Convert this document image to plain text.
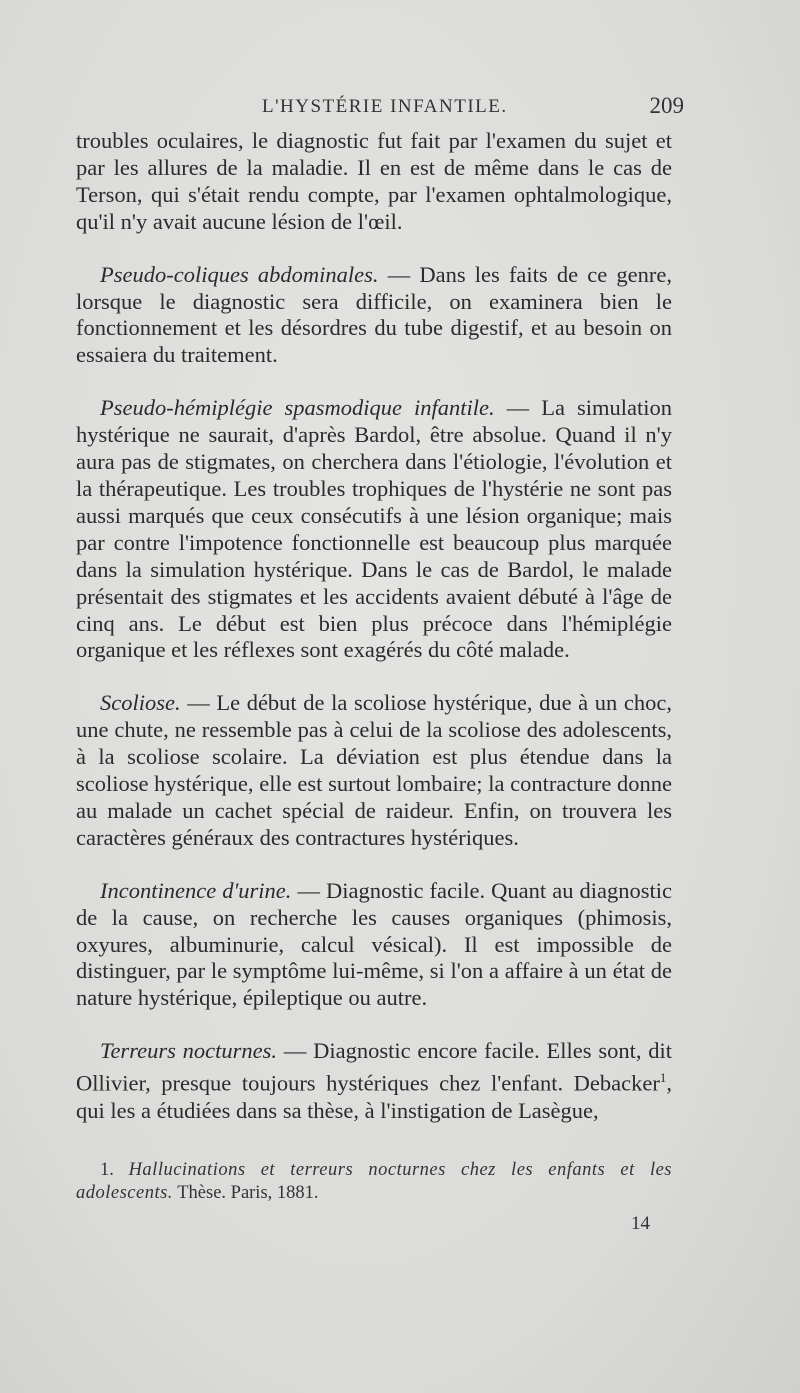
L'HYSTÉRIE INFANTILE.	209

troubles oculaires, le diagnostic fut fait par l'examen du sujet et par les allures de la maladie. Il en est de même dans le cas de Terson, qui s'était rendu compte, par l'examen ophtalmologique, qu'il n'y avait aucune lésion de l'œil.

Pseudo-coliques abdominales. — Dans les faits de ce genre, lorsque le diagnostic sera difficile, on examinera bien le fonctionnement et les désordres du tube digestif, et au besoin on essaiera du traitement.

Pseudo-hémiplégie spasmodique infantile. — La simulation hystérique ne saurait, d'après Bardol, être absolue. Quand il n'y aura pas de stigmates, on cherchera dans l'étiologie, l'évolution et la thérapeutique. Les troubles trophiques de l'hystérie ne sont pas aussi marqués que ceux consécutifs à une lésion organique; mais par contre l'impotence fonctionnelle est beaucoup plus marquée dans la simulation hystérique. Dans le cas de Bardol, le malade présentait des stigmates et les accidents avaient débuté à l'âge de cinq ans. Le début est bien plus précoce dans l'hémiplégie organique et les réflexes sont exagérés du côté malade.

Scoliose. — Le début de la scoliose hystérique, due à un choc, une chute, ne ressemble pas à celui de la scoliose des adolescents, à la scoliose scolaire. La déviation est plus étendue dans la scoliose hystérique, elle est surtout lombaire; la contracture donne au malade un cachet spécial de raideur. Enfin, on trouvera les caractères généraux des contractures hystériques.

Incontinence d'urine. — Diagnostic facile. Quant au diagnostic de la cause, on recherche les causes organiques (phimosis, oxyures, albuminurie, calcul vésical). Il est impossible de distinguer, par le symptôme lui-même, si l'on a affaire à un état de nature hystérique, épileptique ou autre.

Terreurs nocturnes. — Diagnostic encore facile. Elles sont, dit Ollivier, presque toujours hystériques chez l'enfant. Debacker$^1$, qui les a étudiées dans sa thèse, à l'instigation de Lasègue,

1. Hallucinations et terreurs nocturnes chez les enfants et les adolescents. Thèse. Paris, 1881.

14
